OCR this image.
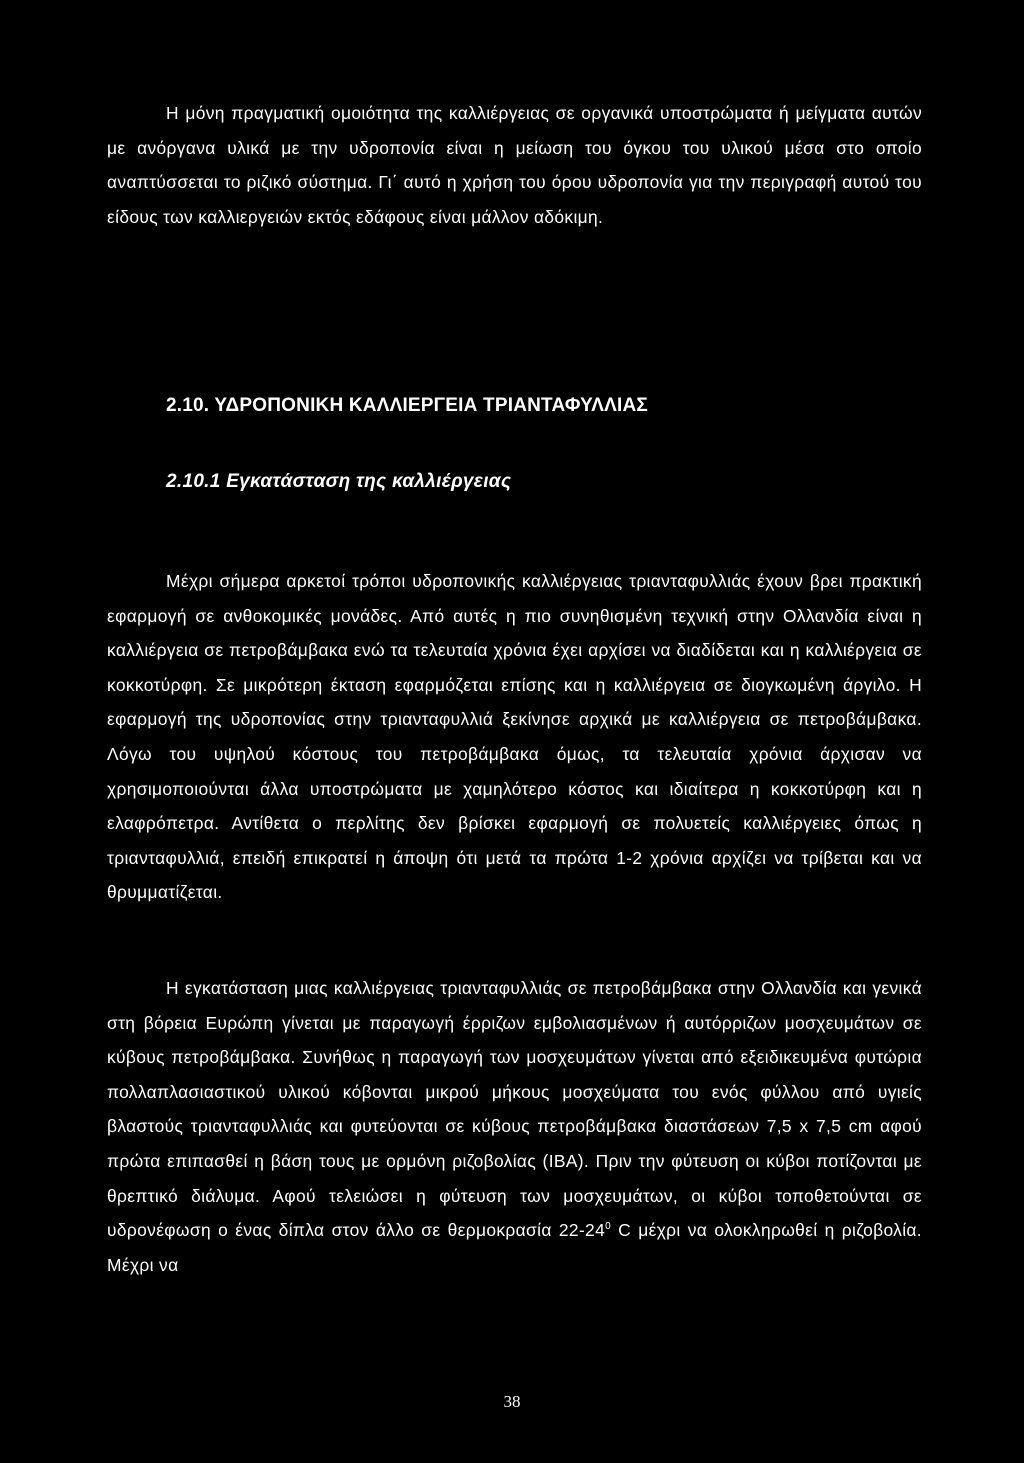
Η μόνη πραγματική ομοιότητα της καλλιέργειας σε οργανικά υποστρώματα ή μείγματα αυτών με ανόργανα υλικά με την υδροπονία είναι η μείωση του όγκου του υλικού μέσα στο οποίο αναπτύσσεται το ριζικό σύστημα. Γι΄ αυτό η χρήση του όρου υδροπονία για την περιγραφή αυτού του είδους των καλλιεργειών εκτός εδάφους είναι μάλλον αδόκιμη.

2.10. ΥΔΡΟΠΟΝΙΚΗ ΚΑΛΛΙΕΡΓΕΙΑ ΤΡΙΑΝΤΑΦΥΛΛΙΑΣ
2.10.1 Εγκατάσταση της καλλιέργειας

Μέχρι σήμερα αρκετοί τρόποι υδροπονικής καλλιέργειας τριανταφυλλιάς έχουν βρει πρακτική εφαρμογή σε ανθοκομικές μονάδες. Από αυτές η πιο συνηθισμένη τεχνική στην Ολλανδία είναι η καλλιέργεια σε πετροβάμβακα ενώ τα τελευταία χρόνια έχει αρχίσει να διαδίδεται και η καλλιέργεια σε κοκκοτύρφη. Σε μικρότερη έκταση εφαρμόζεται επίσης και η καλλιέργεια σε διογκωμένη άργιλο. Η εφαρμογή της υδροπονίας στην τριανταφυλλιά ξεκίνησε αρχικά με καλλιέργεια σε πετροβάμβακα. Λόγω του υψηλού κόστους του πετροβάμβακα όμως, τα τελευταία χρόνια άρχισαν να χρησιμοποιούνται άλλα υποστρώματα με χαμηλότερο κόστος και ιδιαίτερα η κοκκοτύρφη και η ελαφρόπετρα. Αντίθετα ο περλίτης δεν βρίσκει εφαρμογή σε πολυετείς καλλιέργειες όπως η τριανταφυλλιά, επειδή επικρατεί η άποψη ότι μετά τα πρώτα 1-2 χρόνια αρχίζει να τρίβεται και να θρυμματίζεται.

Η εγκατάσταση μιας καλλιέργειας τριανταφυλλιάς σε πετροβάμβακα στην Ολλανδία και γενικά στη βόρεια Ευρώπη γίνεται με παραγωγή έρριζων εμβολιασμένων ή αυτόρριζων μοσχευμάτων σε κύβους πετροβάμβακα. Συνήθως η παραγωγή των μοσχευμάτων γίνεται από εξειδικευμένα φυτώρια πολλαπλασιαστικού υλικού κόβονται μικρού μήκους μοσχεύματα του ενός φύλλου από υγιείς βλαστούς τριανταφυλλιάς και φυτεύονται σε κύβους πετροβάμβακα διαστάσεων 7,5 x 7,5 cm αφού πρώτα επιπασθεί η βάση τους με ορμόνη ριζοβολίας (IBA). Πριν την φύτευση οι κύβοι ποτίζονται με θρεπτικό διάλυμα. Αφού τελειώσει η φύτευση των μοσχευμάτων, οι κύβοι τοποθετούνται σε υδρονέφωση ο ένας δίπλα στον άλλο σε θερμοκρασία $22-24^0$ C μέχρι να ολοκληρωθεί η ριζοβολία. Μέχρι να

38
